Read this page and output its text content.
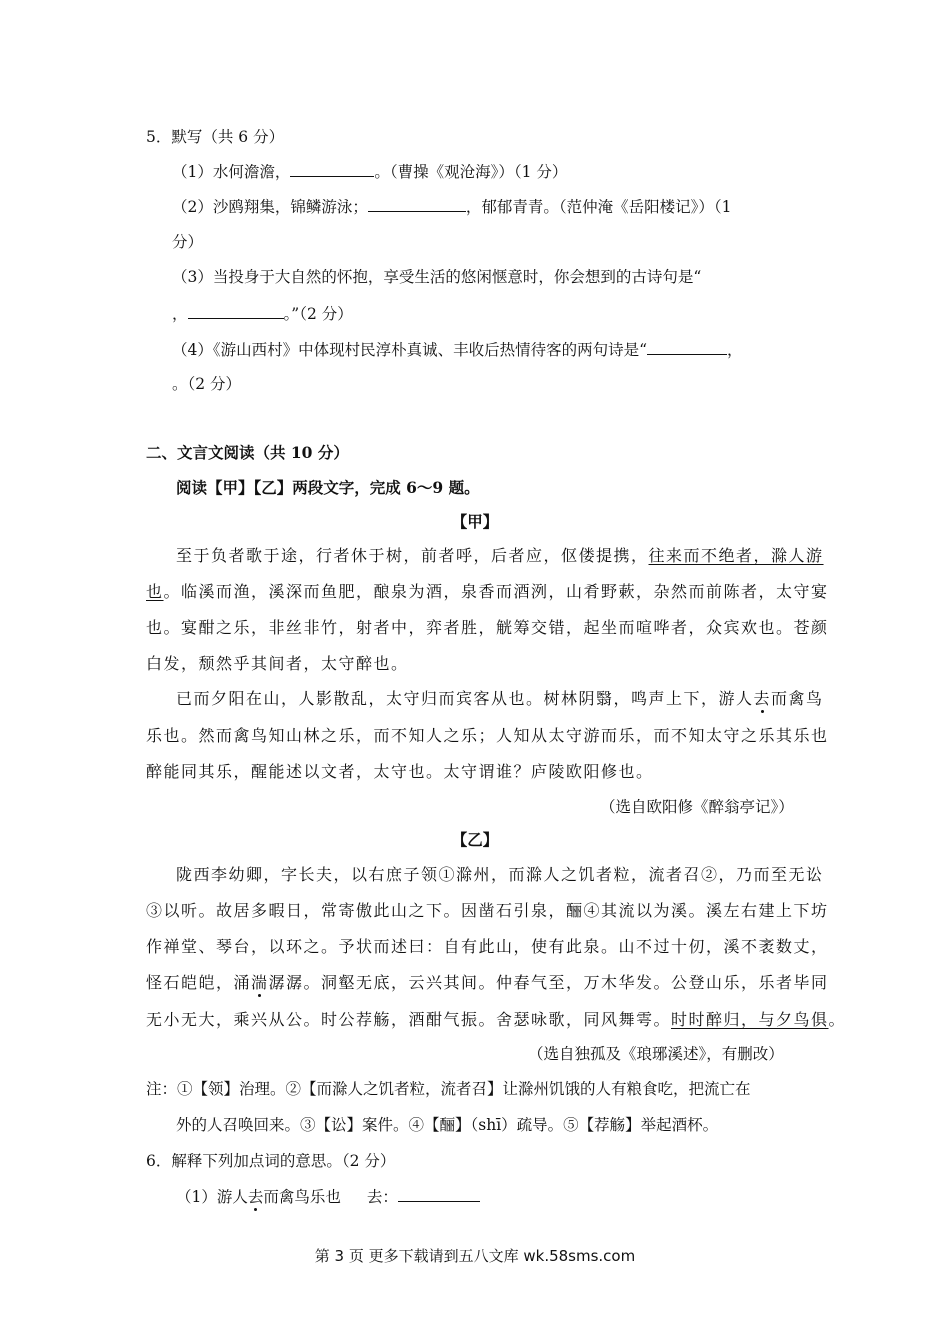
5．默写（共 6 分）
（1）水何澹澹，	。（曹操《观沧海》）（1 分）
（2）沙鸥翔集，锦鳞游泳；	，郁郁青青。（范仲淹《岳阳楼记》）（1
分）
（3）当投身于大自然的怀抱，享受生活的悠闲惬意时，你会想到的古诗句是“
，	。”（2 分）
（4）《游山西村》中体现村民淳朴真诚、丰收后热情待客的两句诗是“	，
。（2 分）
二、文言文阅读（共 10 分）
阅读【甲】【乙】两段文字，完成 6～9 题。
【甲】
至于负者歌于途，行者休于树，前者呼，后者应，伛偻提携，往来而不绝者，滁人游
也。临溪而渔，溪深而鱼肥，酿泉为酒，泉香而酒洌，山肴野蔌，杂然而前陈者，太守宴
也。宴酣之乐，非丝非竹，射者中，弈者胜，觥筹交错，起坐而喧哗者，众宾欢也。苍颜
白发，颓然乎其间者，太守醉也。
已而夕阳在山，人影散乱，太守归而宾客从也。树林阴翳，鸣声上下，游人去而禽鸟
乐也。然而禽鸟知山林之乐，而不知人之乐；人知从太守游而乐，而不知太守之乐其乐也
醉能同其乐，醒能述以文者，太守也。太守谓谁？庐陵欧阳修也。
（选自欧阳修《醉翁亭记》）
【乙】
陇西李幼卿，字长夫，以右庶子领①滁州，而滁人之饥者粒，流者召②，乃而至无讼
③以听。故居多暇日，常寄傲此山之下。因凿石引泉，酾④其流以为溪。溪左右建上下坊
作禅堂、琴台，以环之。予状而述曰：自有此山，使有此泉。山不过十仞，溪不袤数丈，
怪石皑皑，涌湍潺潺。洞壑无底，云兴其间。仲春气至，万木华发。公登山乐，乐者毕同
无小无大，乘兴从公。时公荐觞，酒酣气振。舍瑟咏歌，同风舞雩。时时醉归，与夕鸟俱。
（选自独孤及《琅琊溪述》，有删改）
注：①【领】治理。②【而滁人之饥者粒，流者召】让滁州饥饿的人有粮食吃，把流亡在
外的人召唤回来。③【讼】案件。④【酾】（shī）疏导。⑤【荐觞】举起酒杯。
6．解释下列加点词的意思。（2 分）
（1）游人去而禽鸟乐也 去：
第 3 页 更多下载请到五八文库 wk.58sms.com
